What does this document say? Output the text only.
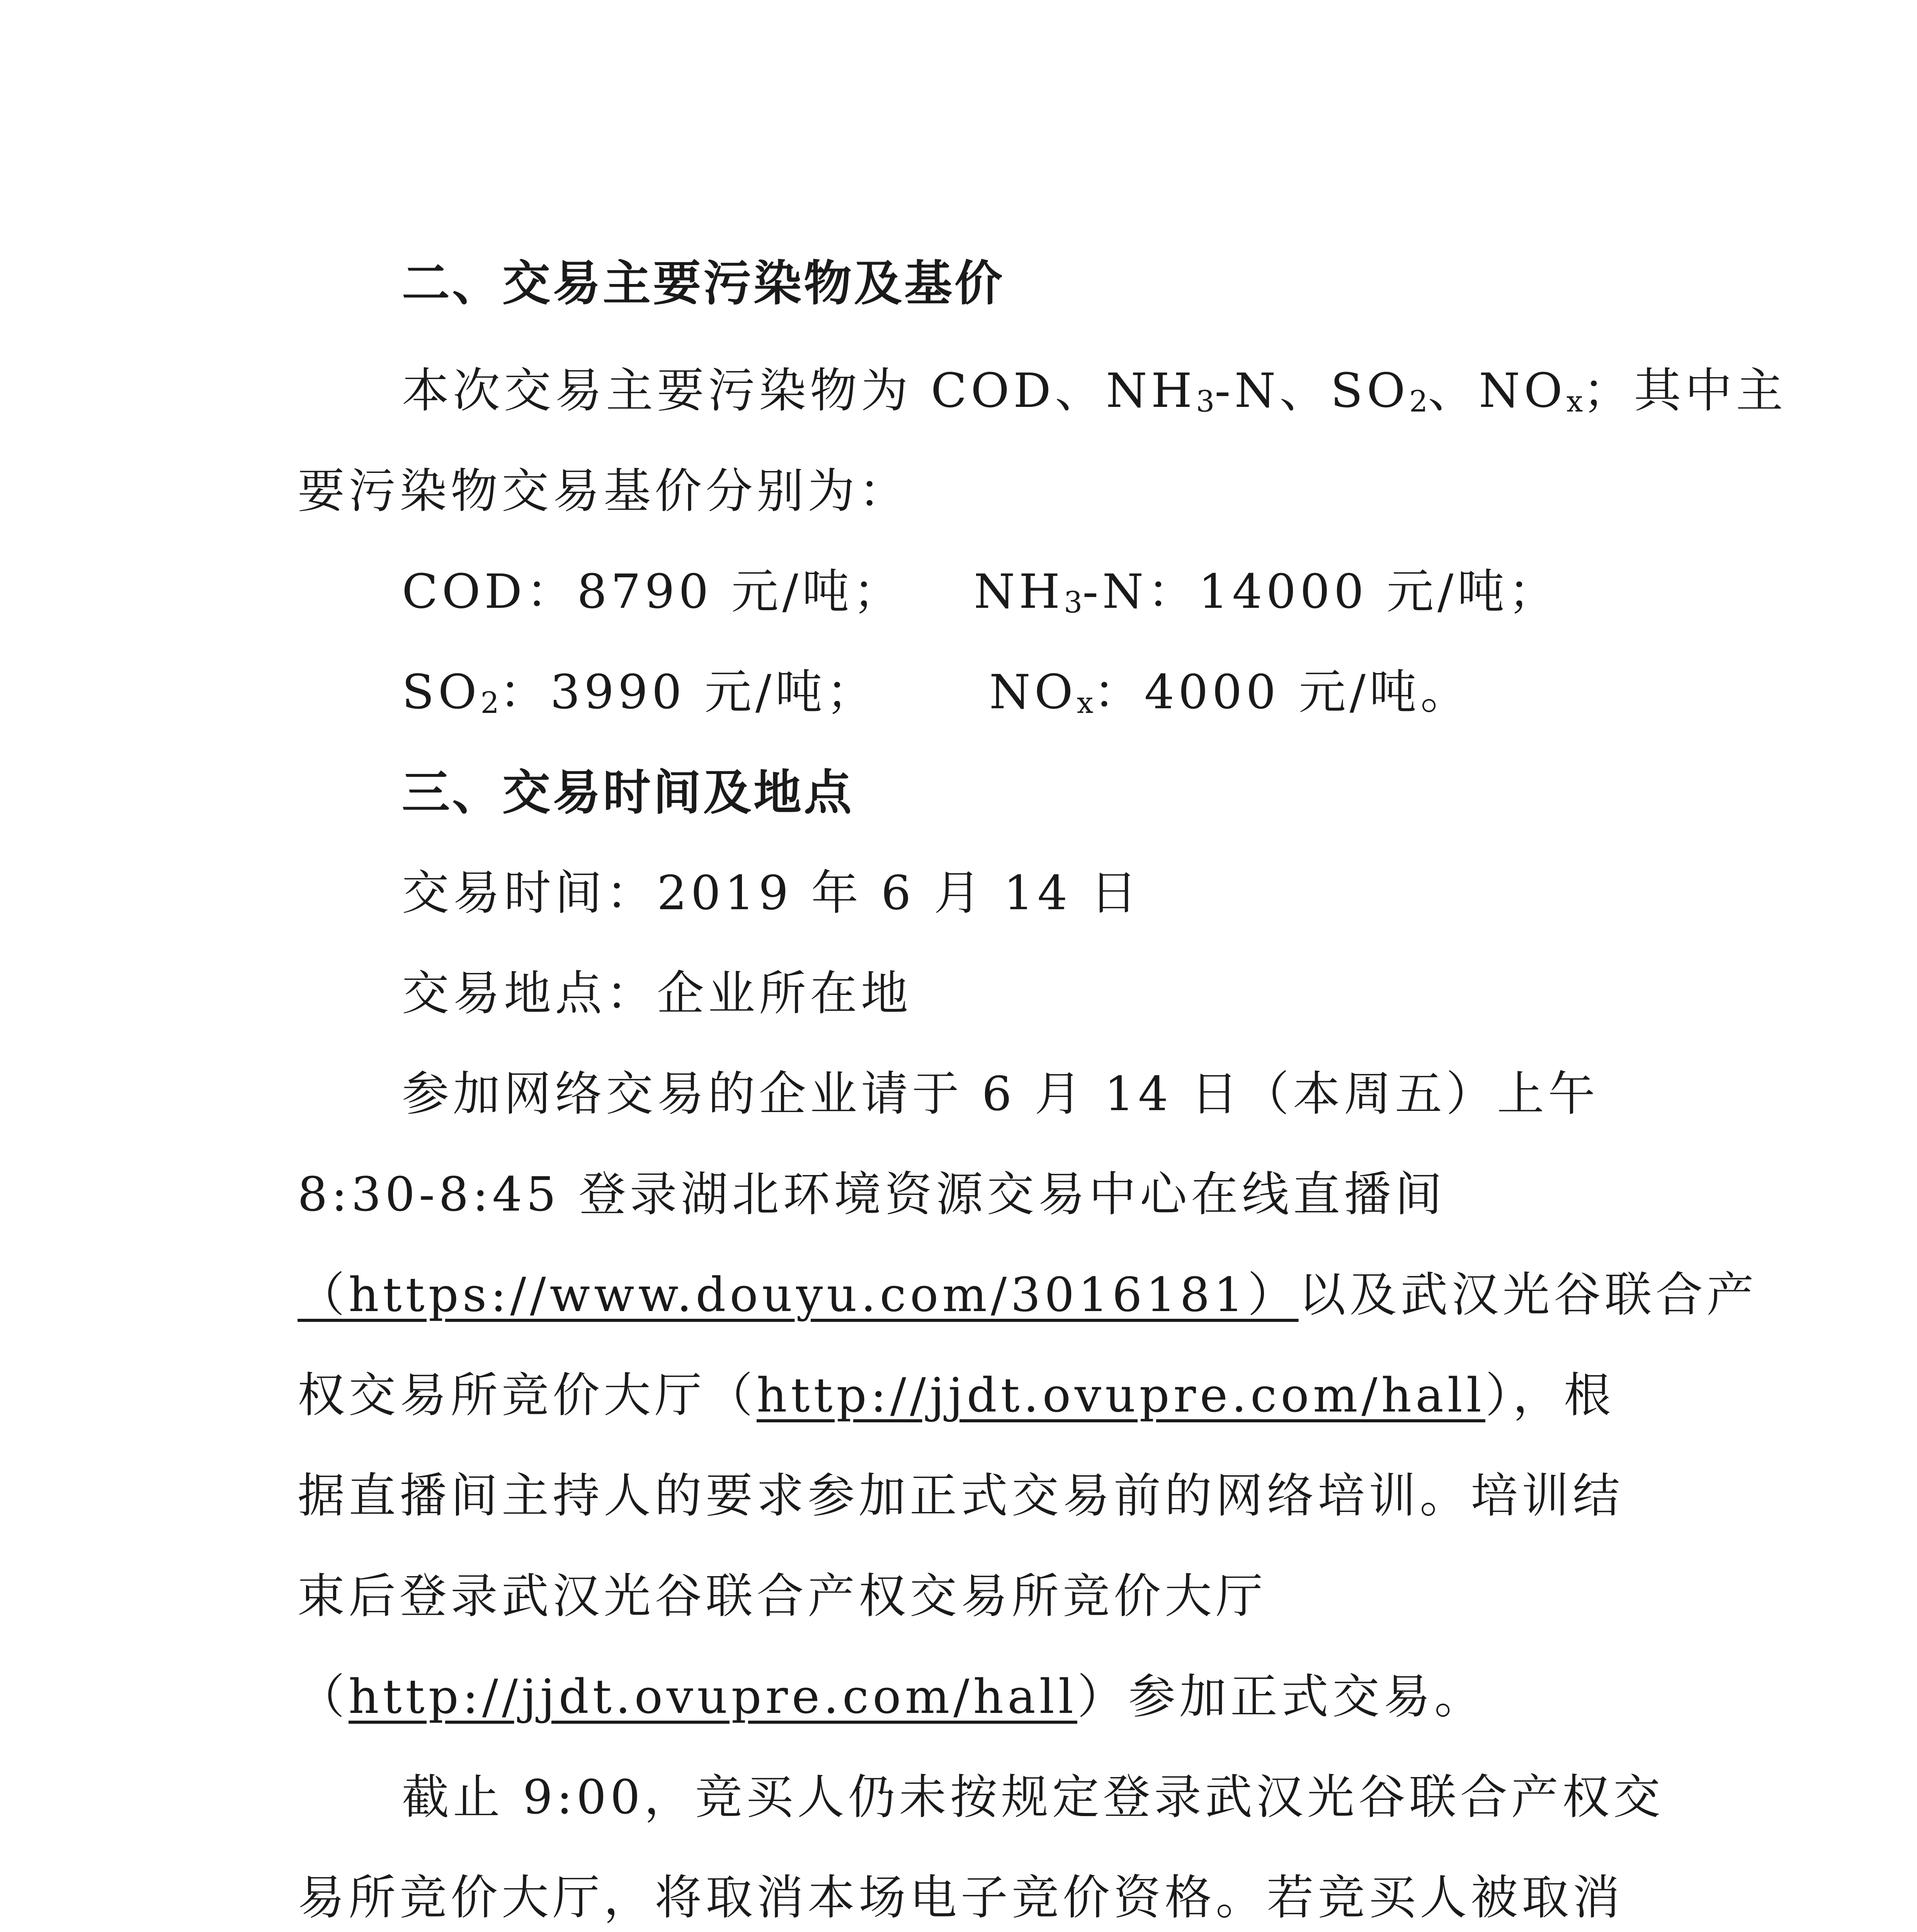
二、交易主要污染物及基价
本次交易主要污染物为 COD、$NH_3-N$、$SO_2$、$NO_x$；其中主
要污染物交易基价分别为：
COD：8790 元/吨； $NH_3-N$：14000 元/吨；
$SO_2$：3990 元/吨； $NO_x$：4000 元/吨。
三、交易时间及地点
交易时间：2019 年 6 月 14 日
交易地点：企业所在地
参加网络交易的企业请于 6 月 14 日（本周五）上午
8:30-8:45 登录湖北环境资源交易中心在线直播间
（https://www.douyu.com/3016181）以及武汉光谷联合产
权交易所竞价大厅（http://jjdt.ovupre.com/hall），根
据直播间主持人的要求参加正式交易前的网络培训。培训结
束后登录武汉光谷联合产权交易所竞价大厅
（http://jjdt.ovupre.com/hall）参加正式交易。
截止 9:00，竞买人仍未按规定登录武汉光谷联合产权交
易所竞价大厅，将取消本场电子竞价资格。若竞买人被取消
